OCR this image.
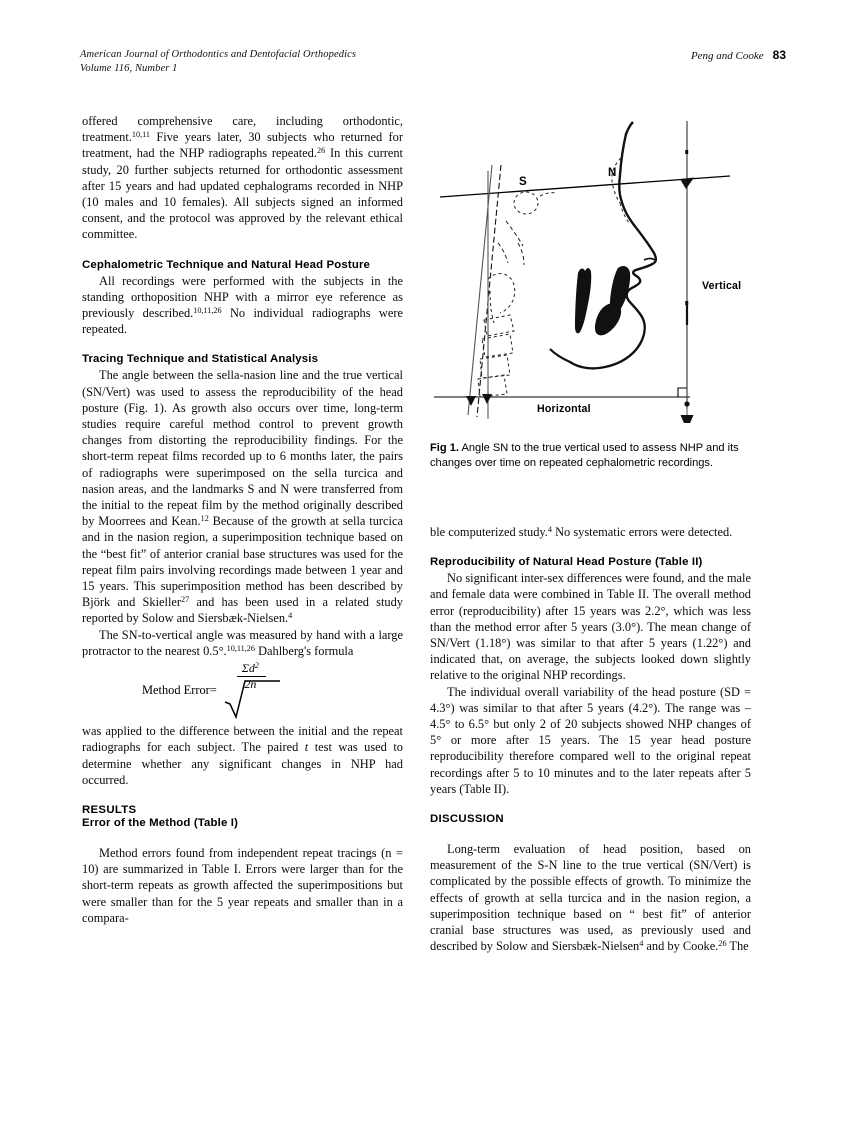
American Journal of Orthodontics and Dentofacial Orthopedics
Volume 116, Number 1
Peng and Cooke 83

offered comprehensive care, including orthodontic, treatment.$^{10,11}$ Five years later, 30 subjects who returned for treatment, had the NHP radiographs repeated.$^{26}$ In this current study, 20 further subjects returned for orthodontic assessment after 15 years and had updated cephalograms recorded in NHP (10 males and 10 females). All subjects signed an informed consent, and the protocol was approved by the relevant ethical committee.

Cephalometric Technique and Natural Head Posture

All recordings were performed with the subjects in the standing orthoposition NHP with a mirror eye reference as previously described.$^{10,11,26}$ No individual radiographs were repeated.

Tracing Technique and Statistical Analysis

The angle between the sella-nasion line and the true vertical (SN/Vert) was used to assess the reproducibility of the head posture (Fig. 1). As growth also occurs over time, long-term studies require careful method control to prevent growth changes from distorting the reproducibility findings. For the short-term repeat films recorded up to 6 months later, the pairs of radiographs were superimposed on the sella turcica and nasion areas, and the landmarks S and N were transferred from the initial to the repeat film by the method originally described by Moorrees and Kean.$^{12}$ Because of the growth at sella turcica and in the nasion region, a superimposition technique based on the “best fit” of anterior cranial base structures was used for the repeat film pairs involving recordings made between 1 year and 15 years. This superimposition method has been described by Björk and Skieller$^{27}$ and has been used in a related study reported by Solow and Siersbæk-Nielsen.$^4$

The SN-to-vertical angle was measured by hand with a large protractor to the nearest 0.5°.$^{10,11,26}$ Dahlberg's formula

Method Error=
$\Sigma d^2$
2n

was applied to the difference between the initial and the repeat radiographs for each subject. The paired t test was used to determine whether any significant changes in NHP had occurred.

RESULTS
Error of the Method (Table I)

Method errors found from independent repeat tracings (n = 10) are summarized in Table I. Errors were larger than for the short-term repeats as growth affected the superimpositions but were smaller than for the 5 year repeats and smaller than in a compara-

Vertical
Horizontal
S
N
Fig 1. Angle SN to the true vertical used to assess NHP and its changes over time on repeated cephalometric recordings.

ble computerized study.$^4$ No systematic errors were detected.

Reproducibility of Natural Head Posture (Table II)

No significant inter-sex differences were found, and the male and female data were combined in Table II. The overall method error (reproducibility) after 15 years was 2.2°, which was less than the method error after 5 years (3.0°). The mean change of SN/Vert (1.18°) was similar to that after 5 years (1.22°) and indicated that, on average, the subjects looked down slightly relative to the original NHP recordings.

The individual overall variability of the head posture (SD = 4.3°) was similar to that after 5 years (4.2°). The range was – 4.5° to 6.5° but only 2 of 20 subjects showed NHP changes of 5° or more after 15 years. The 15 year head posture reproducibility therefore compared well to the original repeat recordings after 5 to 10 minutes and to the later repeats after 5 years (Table II).

DISCUSSION

Long-term evaluation of head position, based on measurement of the S-N line to the true vertical (SN/Vert) is complicated by the possible effects of growth. To minimize the effects of growth at sella turcica and in the nasion region, a superimposition technique based on “ best fit” of anterior cranial base structures was used, as previously used and described by Solow and Siersbæk-Nielsen$^4$ and by Cooke.$^{26}$ The
